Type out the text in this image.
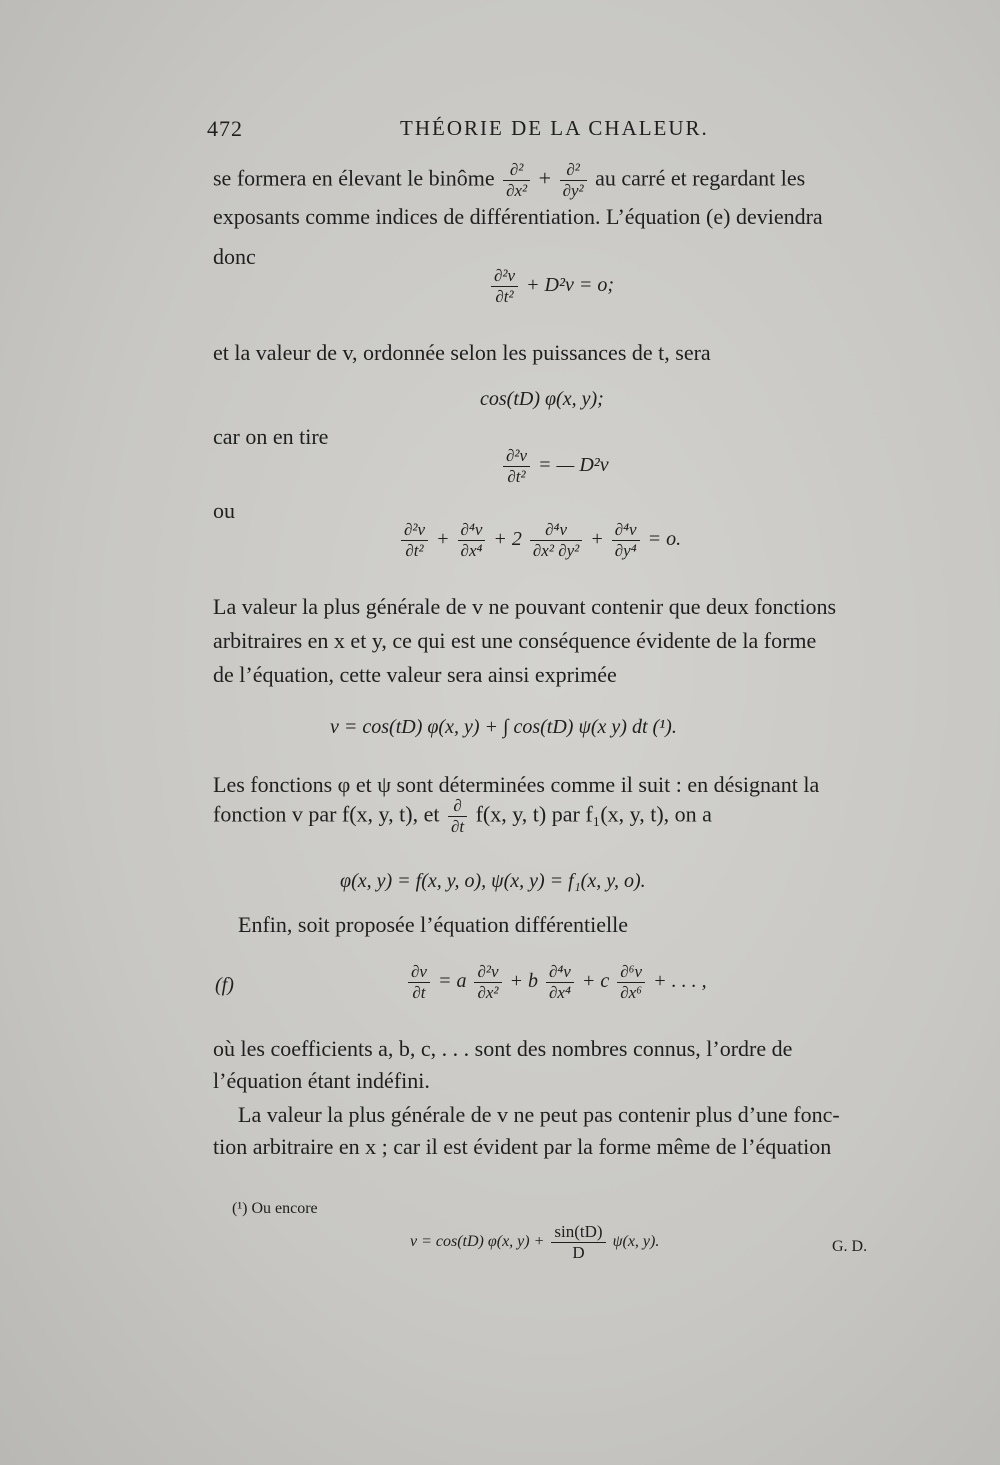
472	THÉORIE DE LA CHALEUR.
se formera en élevant le binôme $\frac{\text{∂²}}{\text{∂x²}} + \frac{\text{∂²}}{\text{∂y²}}$ au carré et regardant les
exposants comme indices de différentiation. L’équation (e) deviendra
donc
$\frac{\text{∂²v}}{\text{∂t²}} + D^2v = o$;
et la valeur de v, ordonnée selon les puissances de t, sera
cos(tD) φ(x, y);
car on en tire
$\frac{\text{∂²v}}{\text{∂t²}}$ = — D²v
ou
$\frac{\text{∂²v}}{\text{∂t²}} + \frac{\text{∂⁴v}}{\text{∂x⁴}} + 2 \frac{\text{∂⁴v}}{\text{∂x² ∂y²}} + \frac{\text{∂⁴v}}{\text{∂y⁴}} = o$.
La valeur la plus générale de v ne pouvant contenir que deux fonctions
arbitraires en x et y, ce qui est une conséquence évidente de la forme
de l’équation, cette valeur sera ainsi exprimée
v = cos(tD) φ(x, y) + ∫ cos(tD) ψ(x y) dt (¹).
Les fonctions φ et ψ sont déterminées comme il suit : en désignant la
fonction v par f(x, y, t), et $\frac{\partial}{\partial t} f(x$, y, t) par f₁(x, y, t), on a
φ(x, y) = f(x, y, o), ψ(x, y) = f₁(x, y, o).
Enfin, soit proposée l’équation différentielle
(f)	$\frac{\partial v}{\partial t} = a \frac{\text{∂²v}}{\text{∂x²}} + b \frac{\text{∂⁴v}}{\text{∂x⁴}} + c \frac{\text{∂⁶v}}{\text{∂x⁶}}$ + . . . ,
où les coefficients a, b, c, . . . sont des nombres connus, l’ordre de
l’équation étant indéfini.
La valeur la plus générale de v ne peut pas contenir plus d’une fonc-
tion arbitraire en x ; car il est évident par la forme même de l’équation
(¹) Ou encore
v = cos(tD) φ(x, $y) + \frac{\sin(tD)}{D} \psi(x$, y).	G. D.
